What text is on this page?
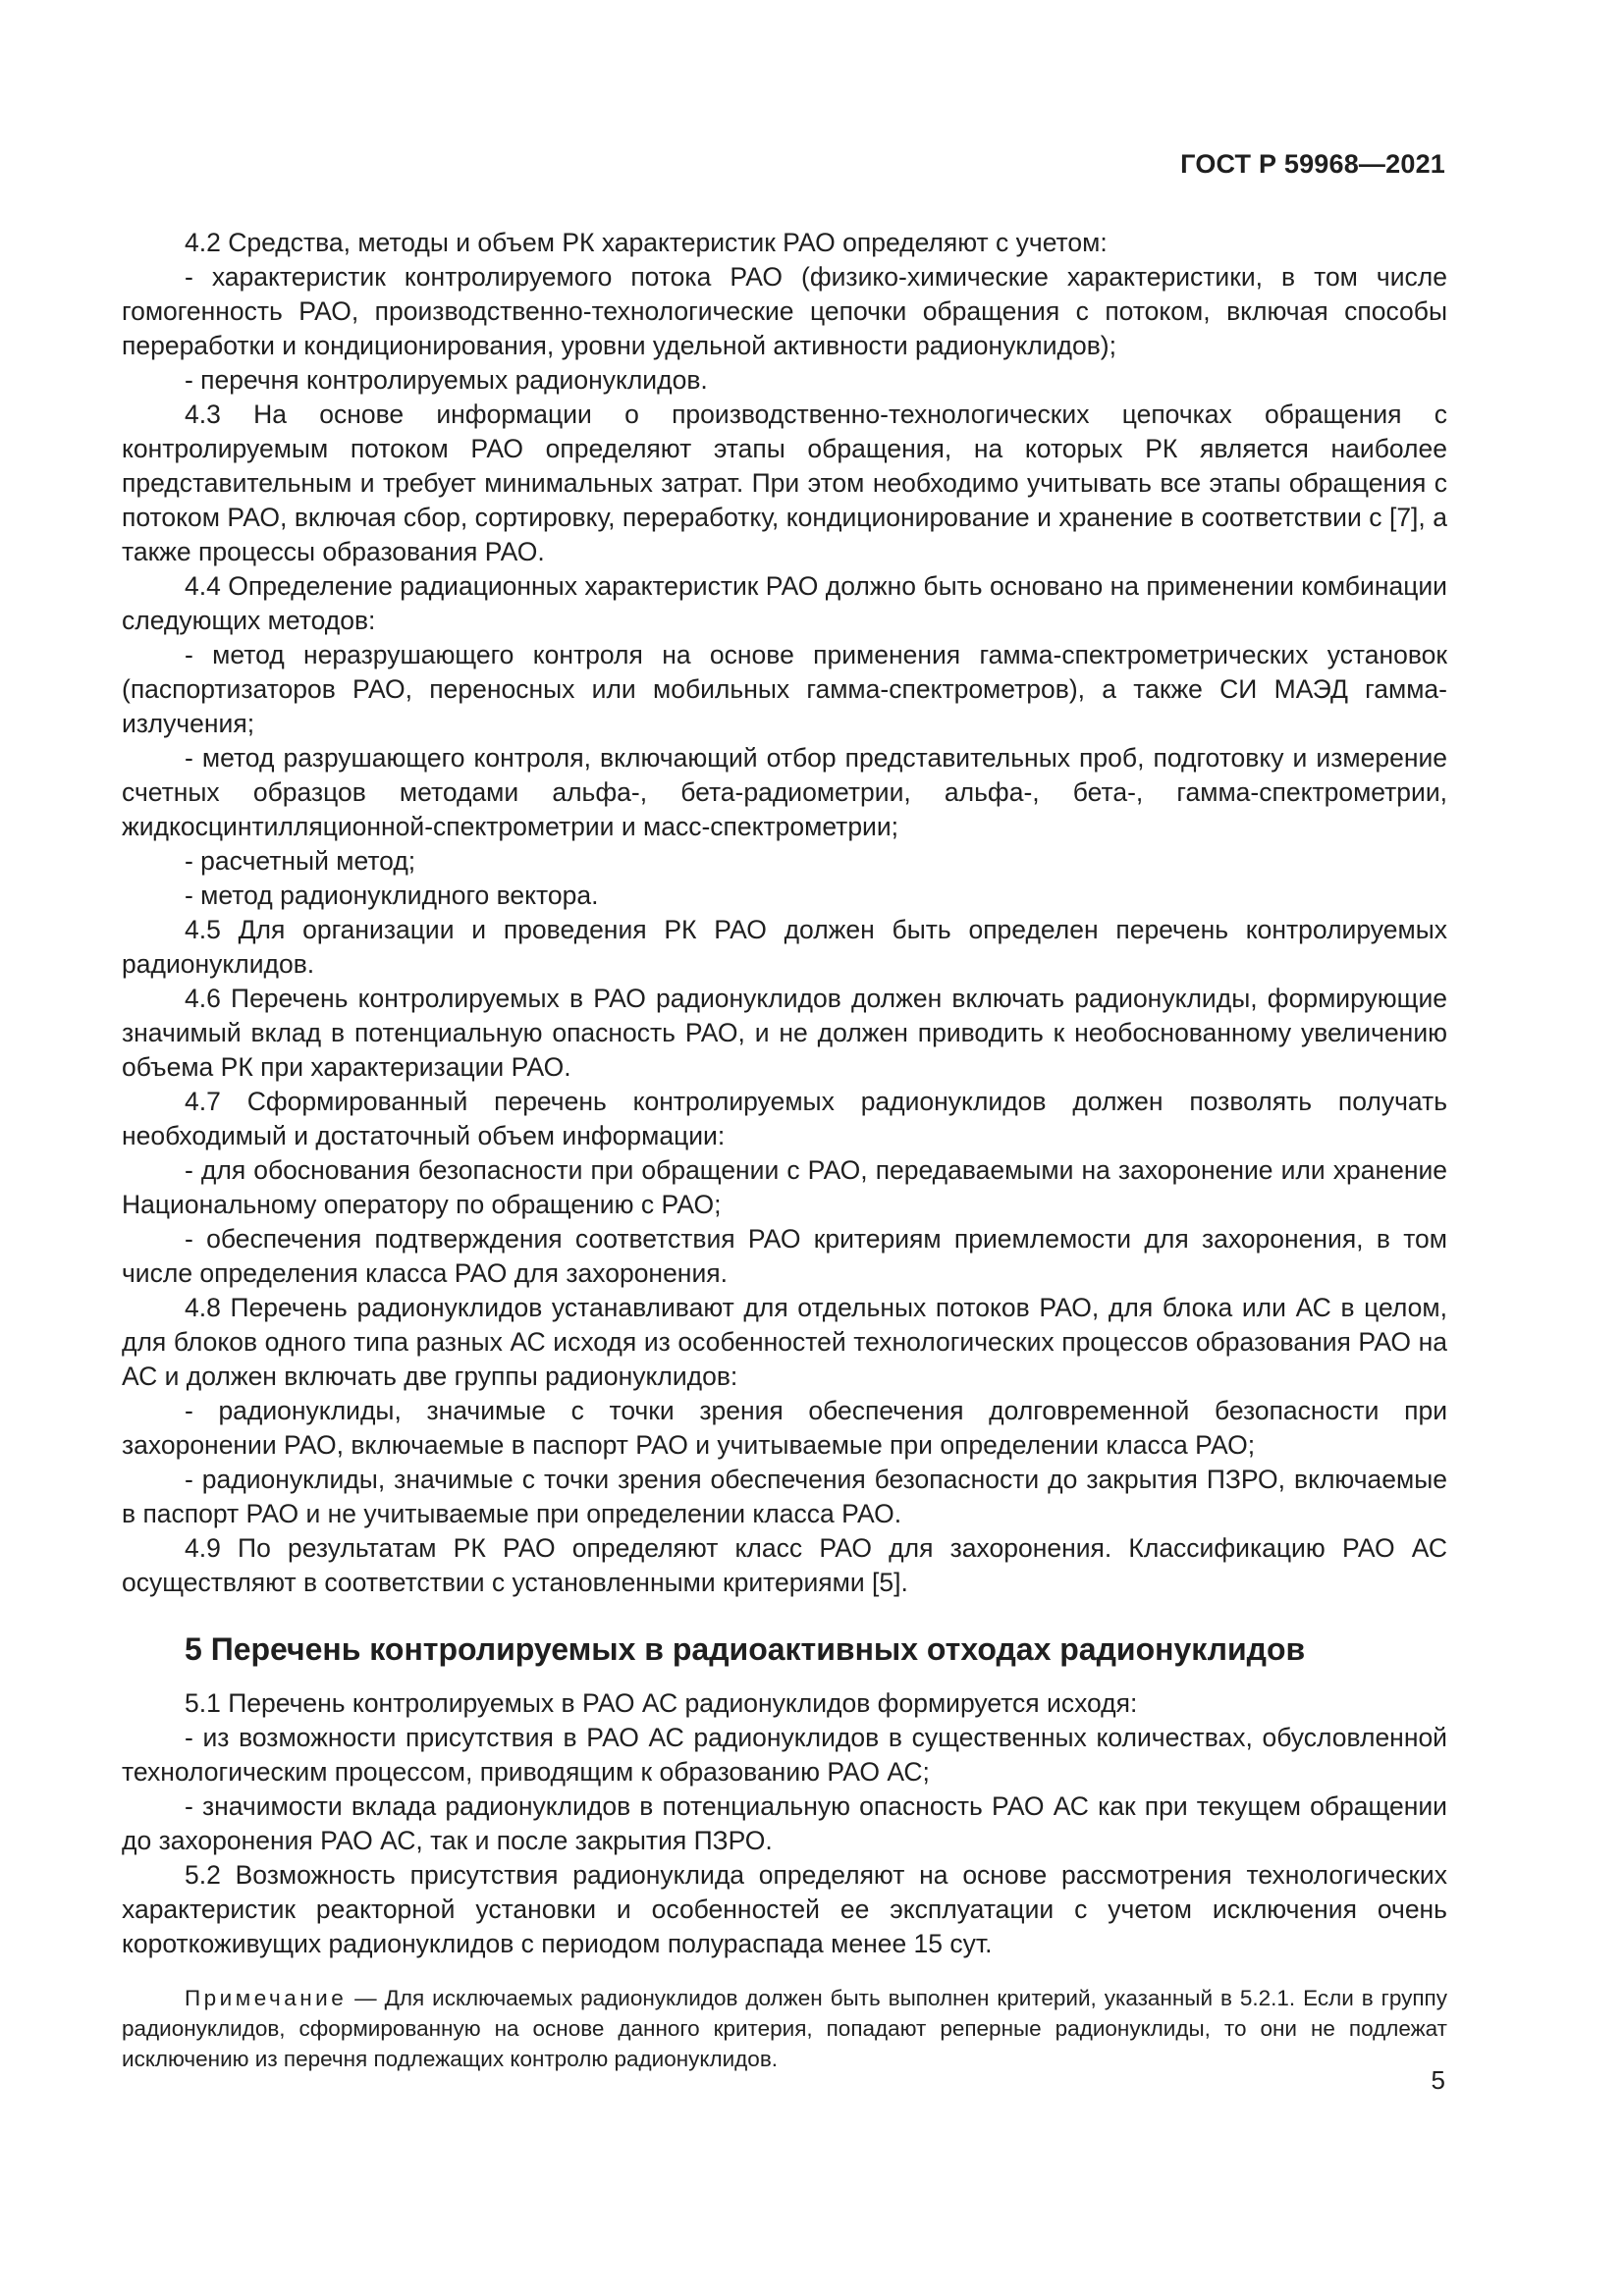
ГОСТ Р 59968—2021

4.2 Средства, методы и объем РК характеристик РАО определяют с учетом:

- характеристик контролируемого потока РАО (физико-химические характеристики, в том числе гомогенность РАО, производственно-технологические цепочки обращения с потоком, включая способы переработки и кондиционирования, уровни удельной активности радионуклидов);

- перечня контролируемых радионуклидов.

4.3 На основе информации о производственно-технологических цепочках обращения с контролируемым потоком РАО определяют этапы обращения, на которых РК является наиболее представительным и требует минимальных затрат. При этом необходимо учитывать все этапы обращения с потоком РАО, включая сбор, сортировку, переработку, кондиционирование и хранение в соответствии с [7], а также процессы образования РАО.

4.4 Определение радиационных характеристик РАО должно быть основано на применении комбинации следующих методов:

- метод неразрушающего контроля на основе применения гамма-спектрометрических установок (паспортизаторов РАО, переносных или мобильных гамма-спектрометров), а также СИ МАЭД гамма-излучения;

- метод разрушающего контроля, включающий отбор представительных проб, подготовку и измерение счетных образцов методами альфа-, бета-радиометрии, альфа-, бета-, гамма-спектрометрии, жидкосцинтилляционной-спектрометрии и масс-спектрометрии;

- расчетный метод;

- метод радионуклидного вектора.

4.5 Для организации и проведения РК РАО должен быть определен перечень контролируемых радионуклидов.

4.6 Перечень контролируемых в РАО радионуклидов должен включать радионуклиды, формирующие значимый вклад в потенциальную опасность РАО, и не должен приводить к необоснованному увеличению объема РК при характеризации РАО.

4.7 Сформированный перечень контролируемых радионуклидов должен позволять получать необходимый и достаточный объем информации:

- для обоснования безопасности при обращении с РАО, передаваемыми на захоронение или хранение Национальному оператору по обращению с РАО;

- обеспечения подтверждения соответствия РАО критериям приемлемости для захоронения, в том числе определения класса РАО для захоронения.

4.8 Перечень радионуклидов устанавливают для отдельных потоков РАО, для блока или АС в целом, для блоков одного типа разных АС исходя из особенностей технологических процессов образования РАО на АС и должен включать две группы радионуклидов:

- радионуклиды, значимые с точки зрения обеспечения долговременной безопасности при захоронении РАО, включаемые в паспорт РАО и учитываемые при определении класса РАО;

- радионуклиды, значимые с точки зрения обеспечения безопасности до закрытия ПЗРО, включаемые в паспорт РАО и не учитываемые при определении класса РАО.

4.9 По результатам РК РАО определяют класс РАО для захоронения. Классификацию РАО АС осуществляют в соответствии с установленными критериями [5].

5 Перечень контролируемых в радиоактивных отходах радионуклидов

5.1 Перечень контролируемых в РАО АС радионуклидов формируется исходя:

- из возможности присутствия в РАО АС радионуклидов в существенных количествах, обусловленной технологическим процессом, приводящим к образованию РАО АС;

- значимости вклада радионуклидов в потенциальную опасность РАО АС как при текущем обращении до захоронения РАО АС, так и после закрытия ПЗРО.

5.2 Возможность присутствия радионуклида определяют на основе рассмотрения технологических характеристик реакторной установки и особенностей ее эксплуатации с учетом исключения очень короткоживущих радионуклидов с периодом полураспада менее 15 сут.

Примечание — Для исключаемых радионуклидов должен быть выполнен критерий, указанный в 5.2.1. Если в группу радионуклидов, сформированную на основе данного критерия, попадают реперные радионуклиды, то они не подлежат исключению из перечня подлежащих контролю радионуклидов.

5
